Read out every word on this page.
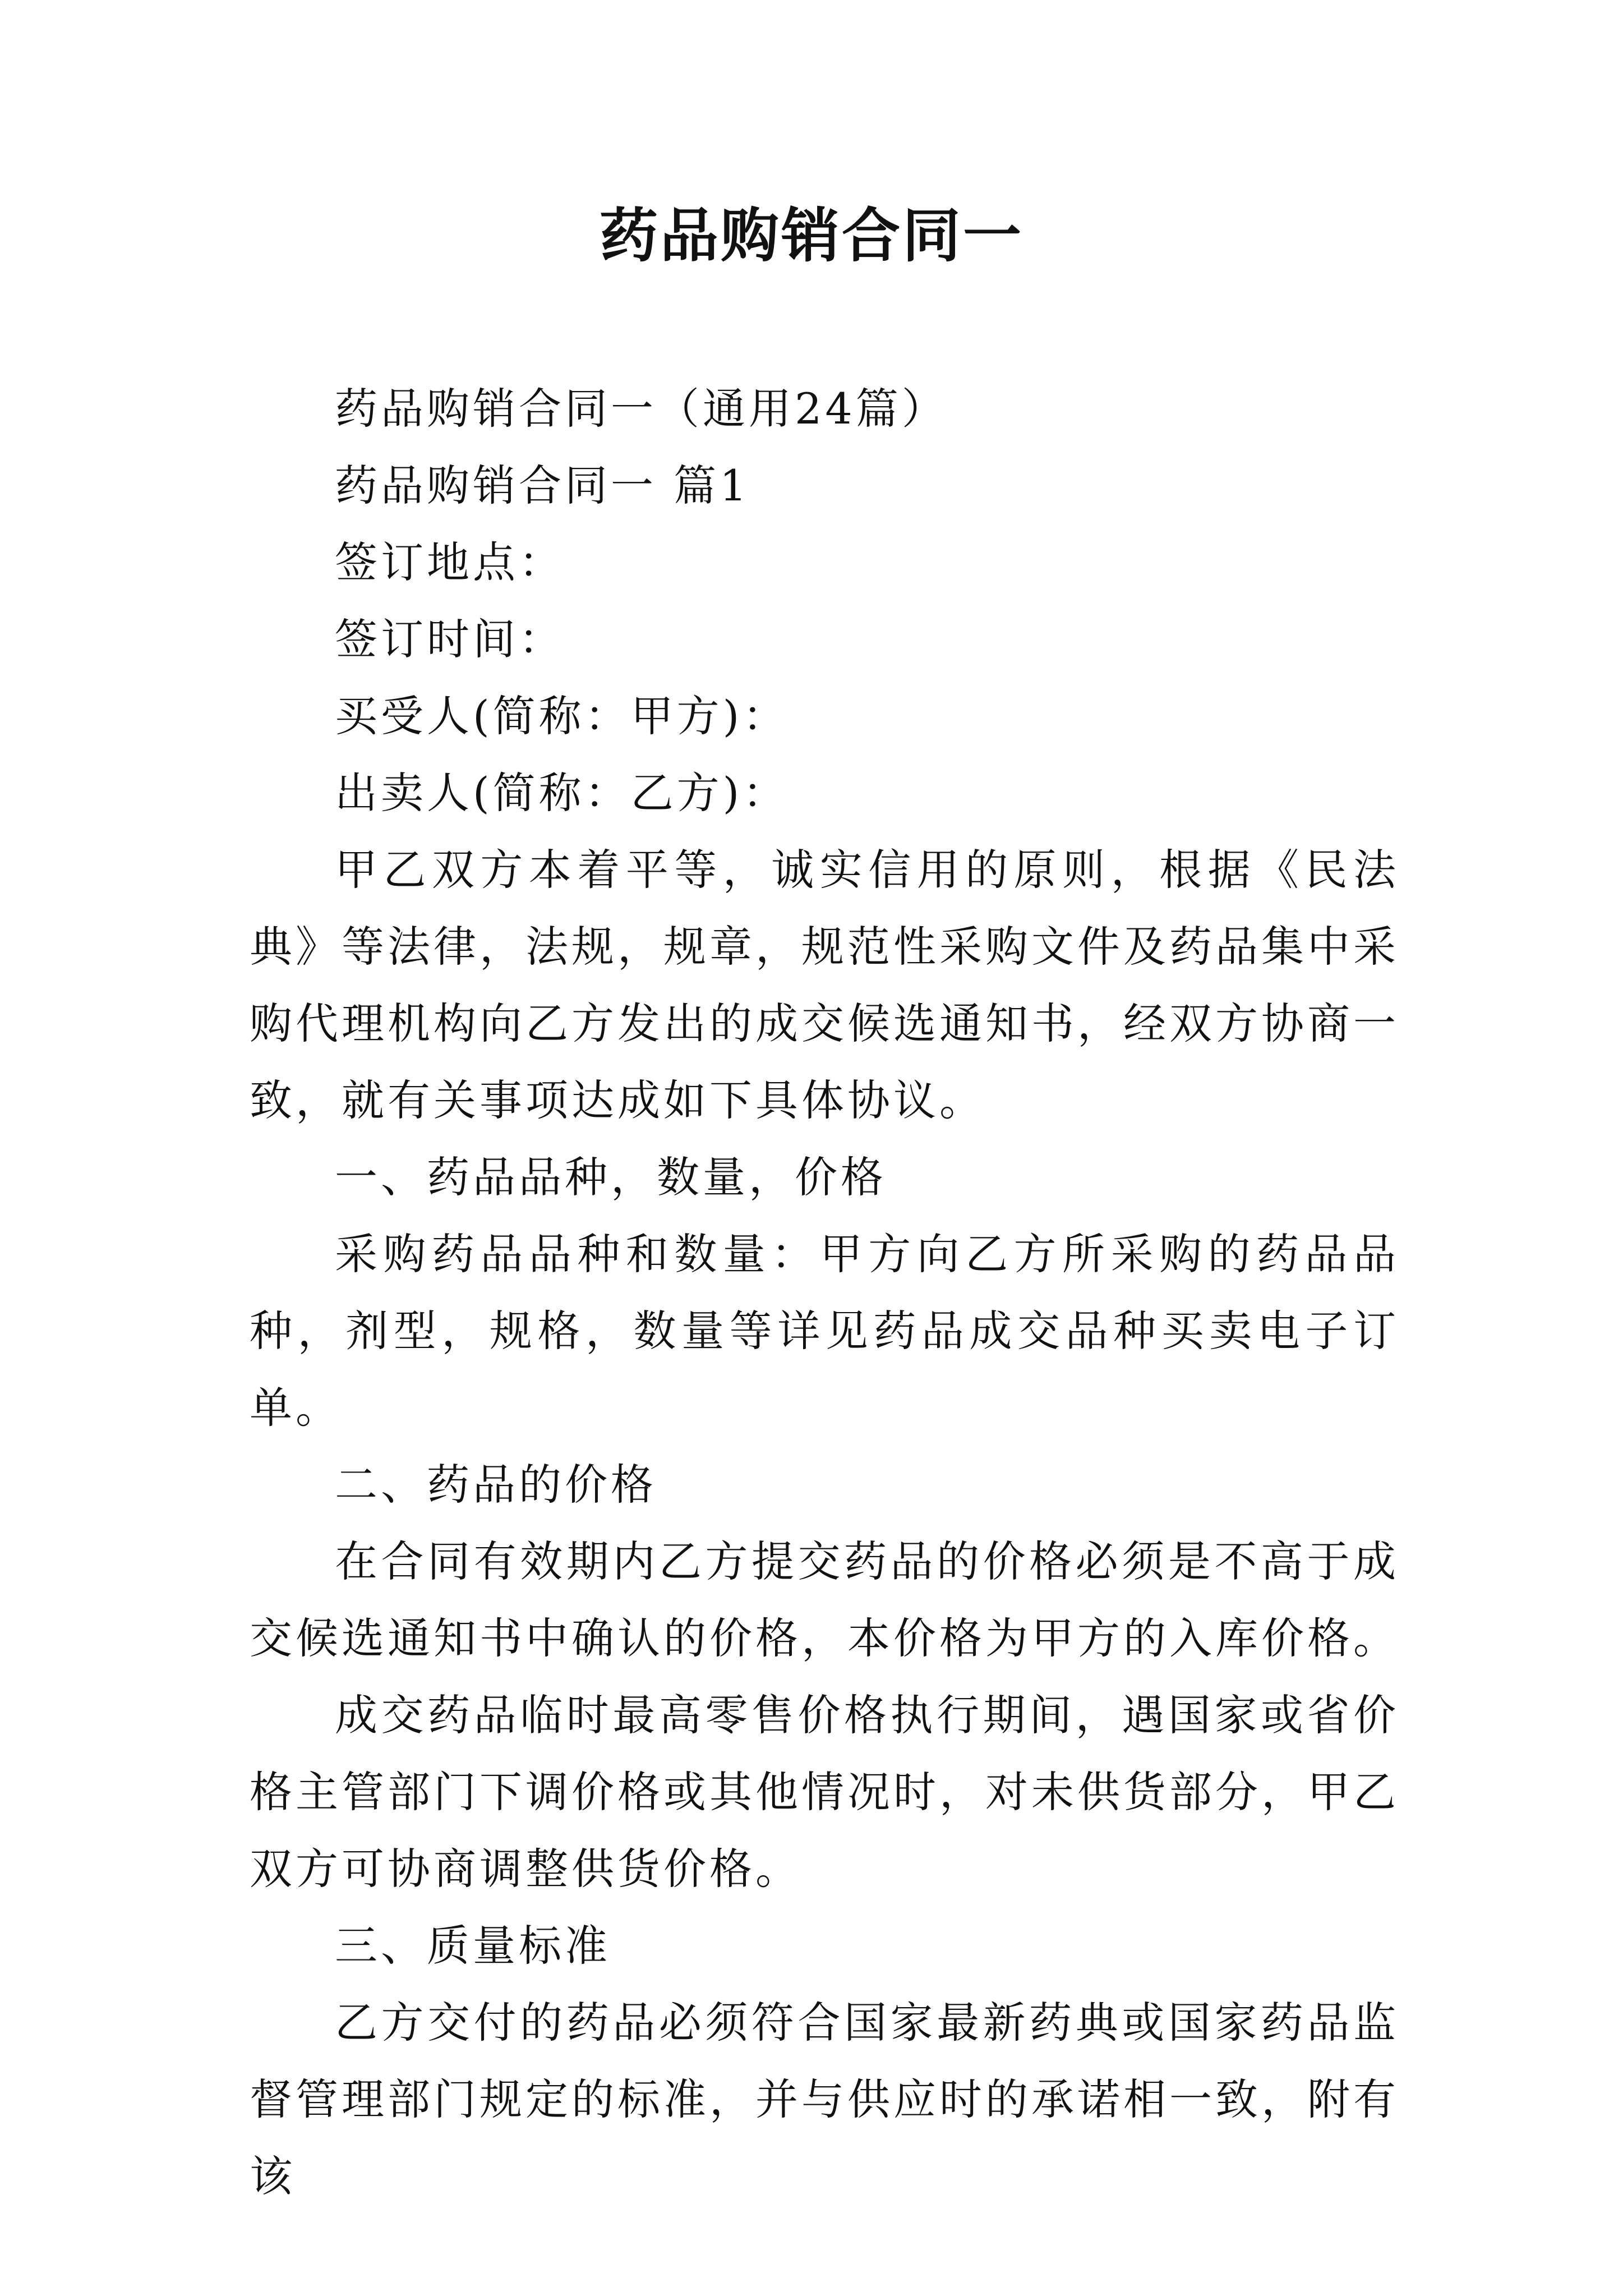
药品购销合同一

药品购销合同一（通用24篇）

药品购销合同一 篇1

签订地点：

签订时间：

买受人(简称：甲方)：

出卖人(简称：乙方)：

甲乙双方本着平等，诚实信用的原则，根据《民法典》等法律，法规，规章，规范性采购文件及药品集中采购代理机构向乙方发出的成交候选通知书，经双方协商一致，就有关事项达成如下具体协议。

一、药品品种，数量，价格

采购药品品种和数量：甲方向乙方所采购的药品品种，剂型，规格，数量等详见药品成交品种买卖电子订单。

二、药品的价格

在合同有效期内乙方提交药品的价格必须是不高于成交候选通知书中确认的价格，本价格为甲方的入库价格。

成交药品临时最高零售价格执行期间，遇国家或省价格主管部门下调价格或其他情况时，对未供货部分，甲乙双方可协商调整供货价格。

三、质量标准

乙方交付的药品必须符合国家最新药典或国家药品监督管理部门规定的标准，并与供应时的承诺相一致，附有该
